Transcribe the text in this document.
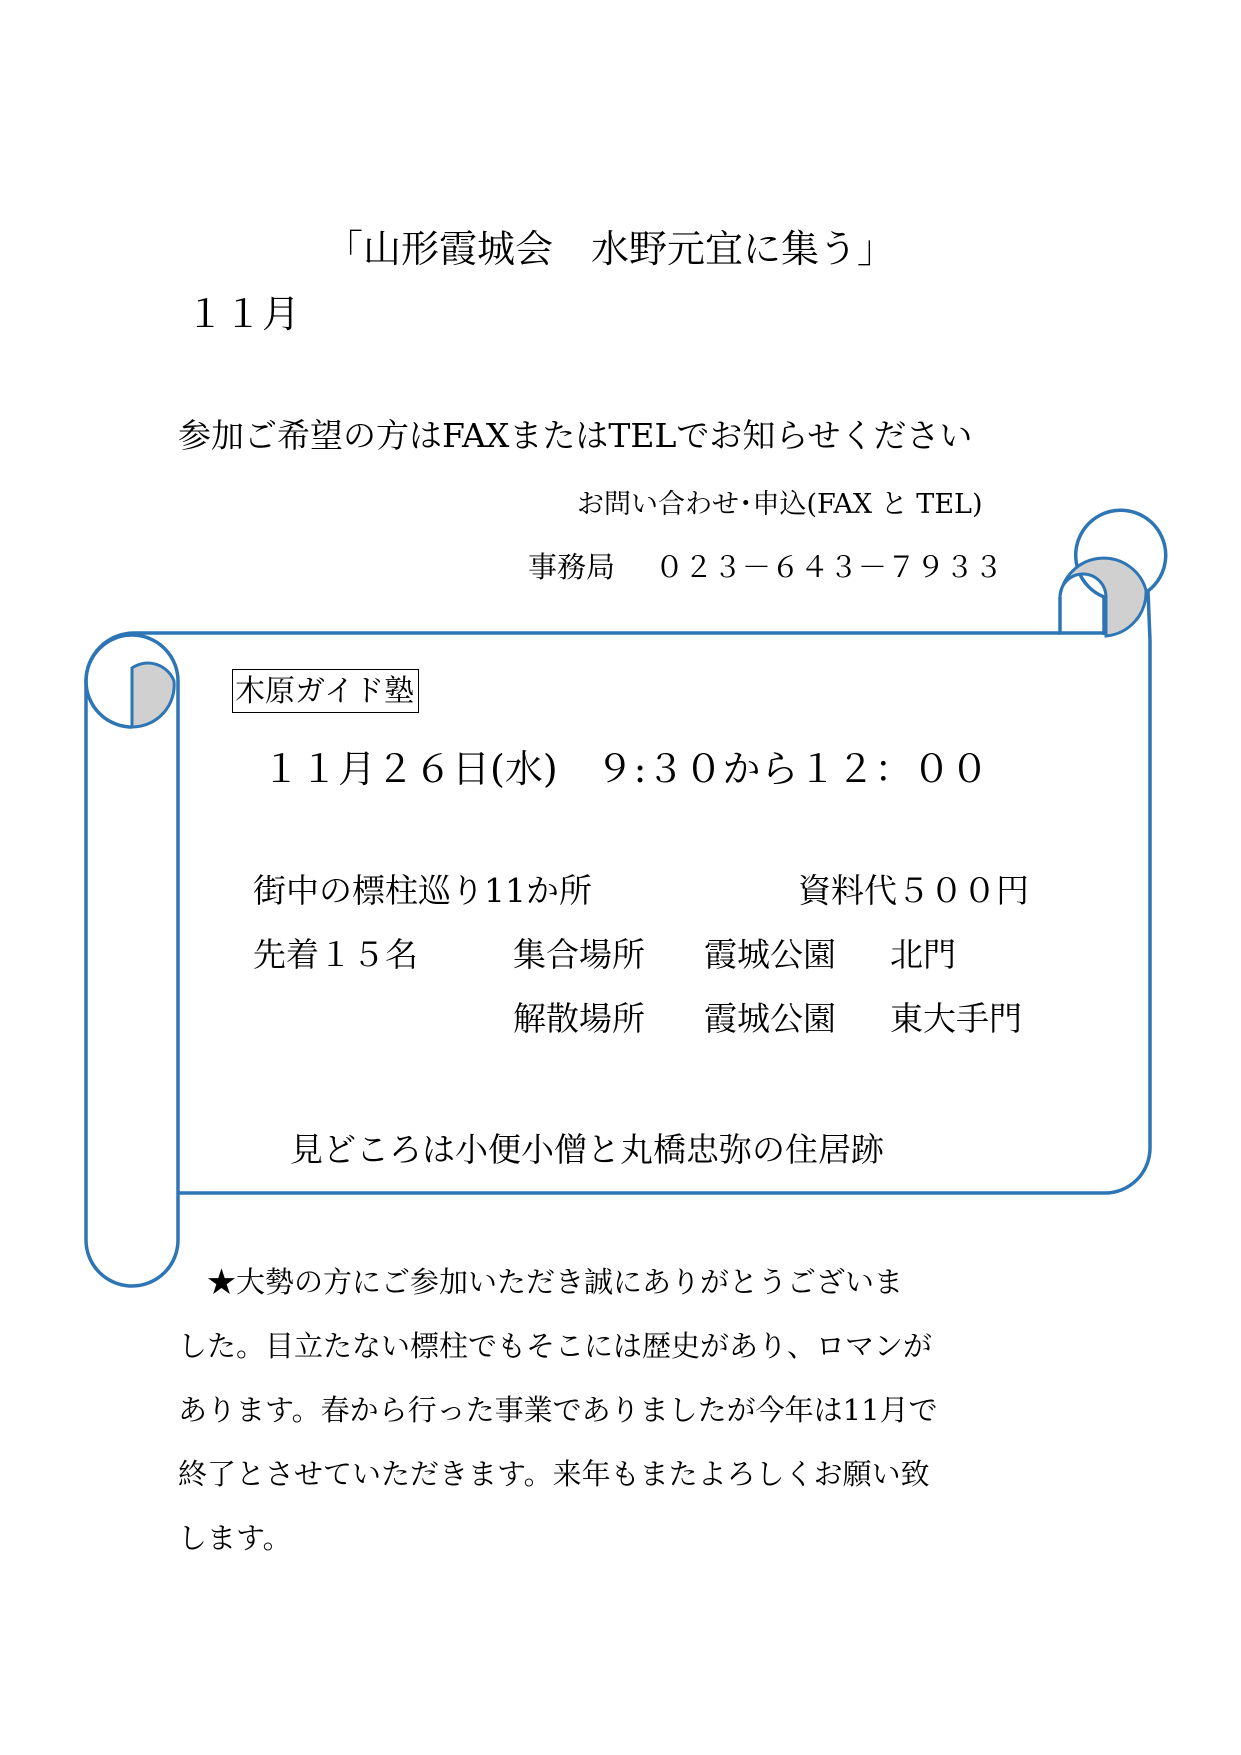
「山形霞城会　水野元宜に集う」
１１月
参加ご希望の方はFAXまたはTELでお知らせください
お問い合わせ･申込(FAX と TEL)
事務局 ０２３－６４３－７９３３
木原ガイド塾
１１月２６日(水)　９:３０から１２：００
街中の標柱巡り11か所	資料代５００円
先着１５名	集合場所 霞城公園 北門
解散場所 霞城公園 東大手門
見どころは小便小僧と丸橋忠弥の住居跡
　★大勢の方にご参加いただき誠にありがとうございま
した。目立たない標柱でもそこには歴史があり、ロマンが
あります。春から行った事業でありましたが今年は11月で
終了とさせていただきます。来年もまたよろしくお願い致
します。
